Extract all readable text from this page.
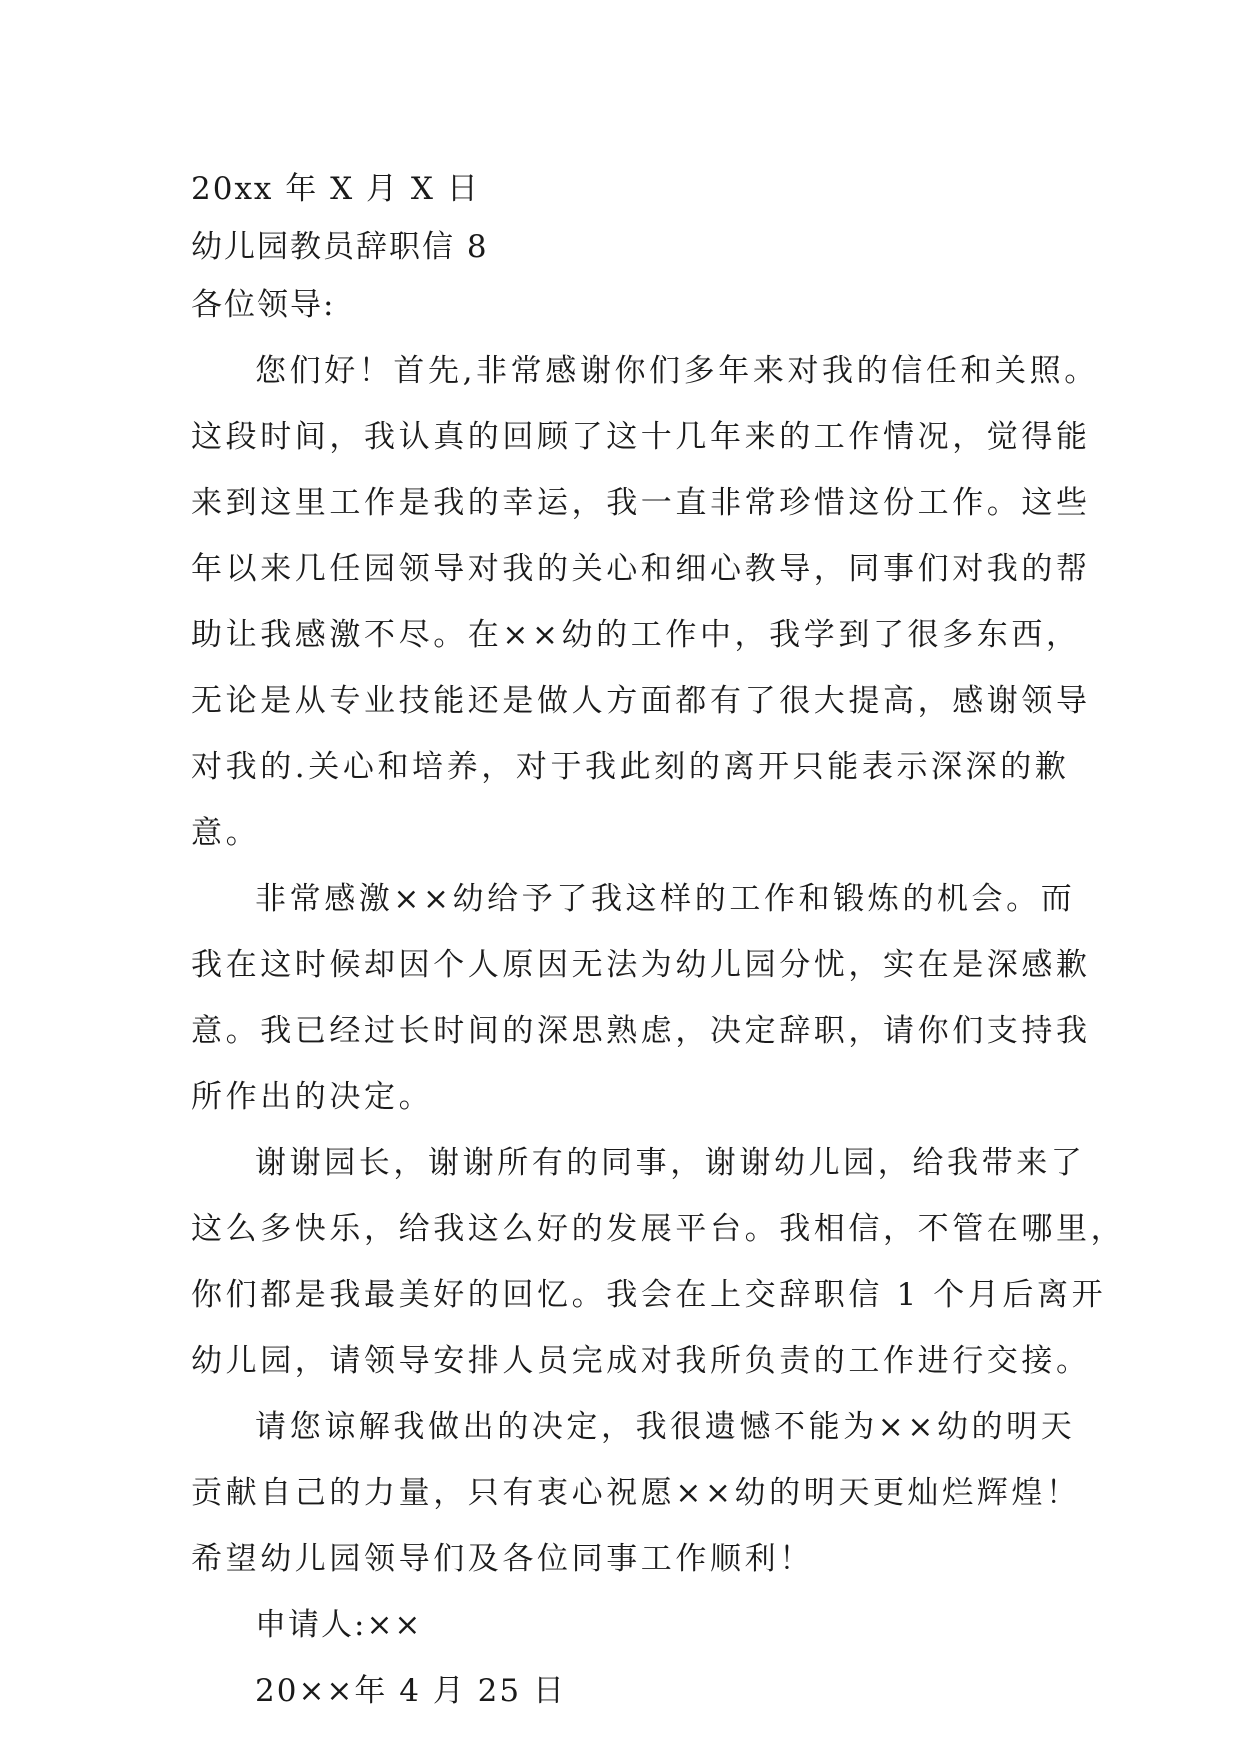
20xx 年 X 月 X 日
幼儿园教员辞职信 8
各位领导:
您们好！首先,非常感谢你们多年来对我的信任和关照。
这段时间，我认真的回顾了这十几年来的工作情况，觉得能
来到这里工作是我的幸运，我一直非常珍惜这份工作。这些
年以来几任园领导对我的关心和细心教导，同事们对我的帮
助让我感激不尽。在××幼的工作中，我学到了很多东西，
无论是从专业技能还是做人方面都有了很大提高，感谢领导
对我的.关心和培养，对于我此刻的离开只能表示深深的歉
意。
非常感激××幼给予了我这样的工作和锻炼的机会。而
我在这时候却因个人原因无法为幼儿园分忧，实在是深感歉
意。我已经过长时间的深思熟虑，决定辞职，请你们支持我
所作出的决定。
谢谢园长，谢谢所有的同事，谢谢幼儿园，给我带来了
这么多快乐，给我这么好的发展平台。我相信，不管在哪里，
你们都是我最美好的回忆。我会在上交辞职信 1 个月后离开
幼儿园，请领导安排人员完成对我所负责的工作进行交接。
请您谅解我做出的决定，我很遗憾不能为××幼的明天
贡献自己的力量，只有衷心祝愿××幼的明天更灿烂辉煌！
希望幼儿园领导们及各位同事工作顺利！
申请人:××
20××年 4 月 25 日
